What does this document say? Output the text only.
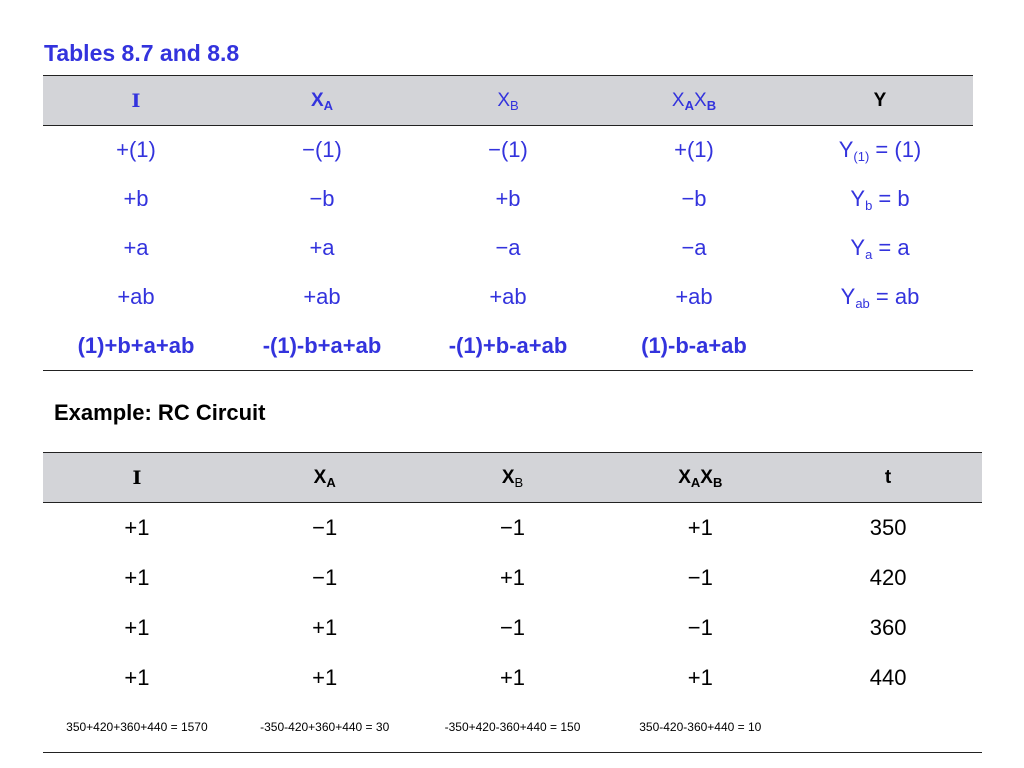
Tables 8.7 and 8.8
I	$X_A$	$X_B$	$X_AX_B$	Y
+(1)	−(1)	−(1)	+(1)	$Y_{(1)} = (1)$
+b	−b	+b	−b	$Y_b = b$
+a	+a	−a	−a	$Y_a = a$
+ab	+ab	+ab	+ab	$Y_{ab}$ = ab
(1)+b+a+ab	-(1)-b+a+ab	-(1)+b-a+ab	(1)-b-a+ab	
Example: RC Circuit
I	$X_A$	$X_B$	$X_AX_B$	t
+1	−1	−1	+1	350
+1	−1	+1	−1	420
+1	+1	−1	−1	360
+1	+1	+1	+1	440
350+420+360+440 = 1570	-350-420+360+440 = 30	-350+420-360+440 = 150	350-420-360+440 = 10	
